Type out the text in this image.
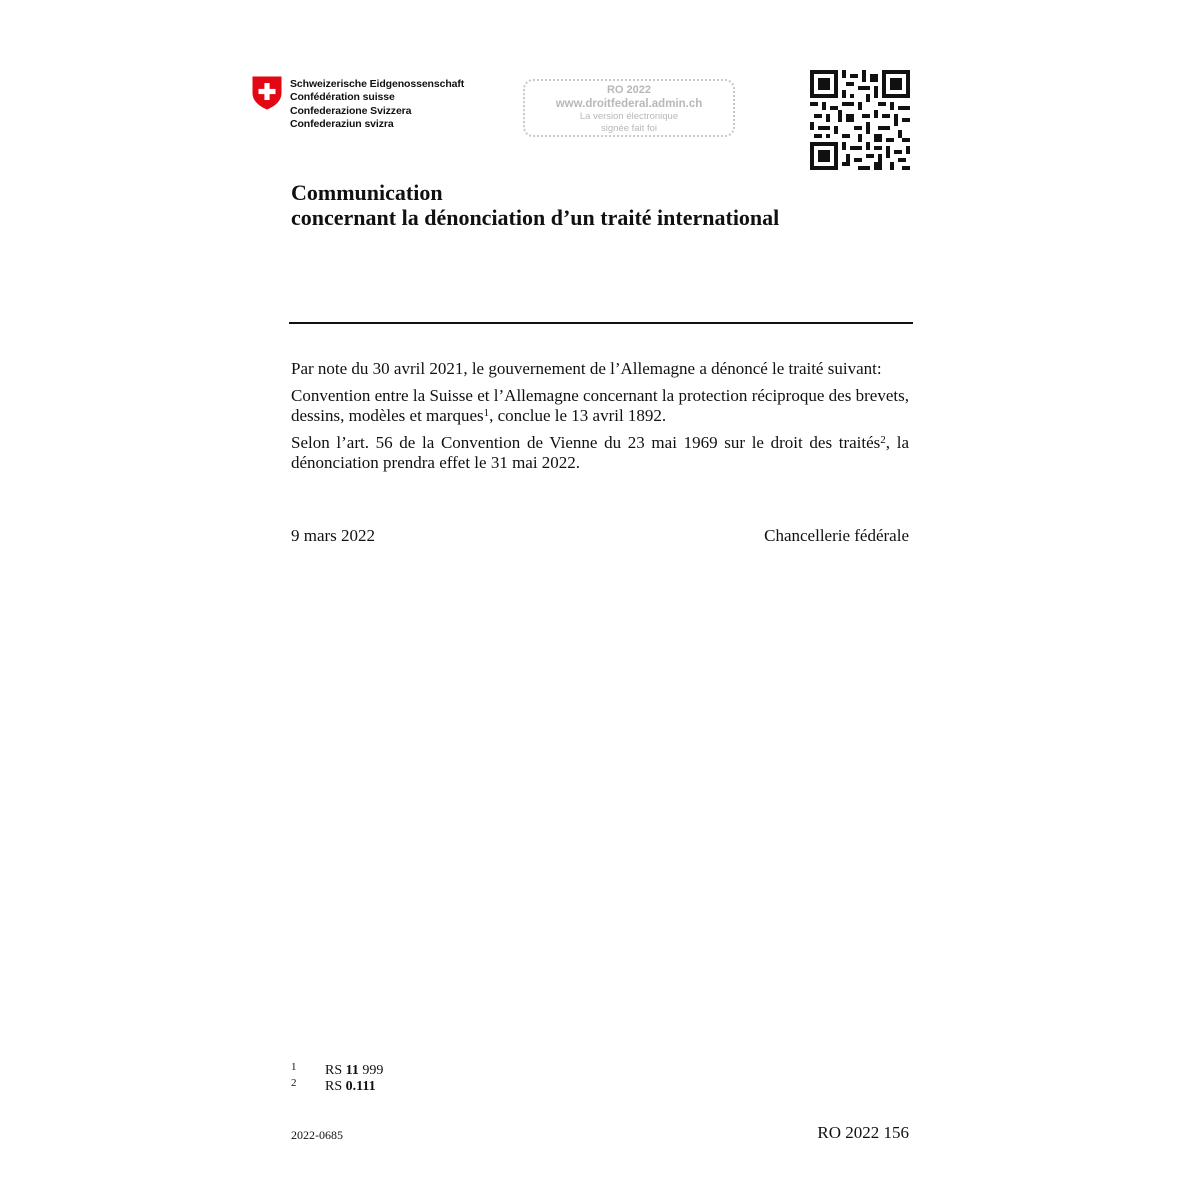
Schweizerische Eidgenossenschaft
Confédération suisse
Confederazione Svizzera
Confederaziun svizra
RO 2022
www.droitfederal.admin.ch
La version électronique
signée fait foi
Communication
concernant la dénonciation d’un traité international

Par note du 30 avril 2021, le gouvernement de l’Allemagne a dénoncé le traité suivant:

Convention entre la Suisse et l’Allemagne concernant la protection réciproque des brevets, dessins, modèles et marques$^1$, conclue le 13 avril 1892.

Selon l’art. 56 de la Convention de Vienne du 23 mai 1969 sur le droit des traités$^2$, la dénonciation prendra effet le 31 mai 2022.

9 mars 2022	Chancellerie fédérale
1	RS 11 999
2	RS 0.111
2022-0685	RO 2022 156
